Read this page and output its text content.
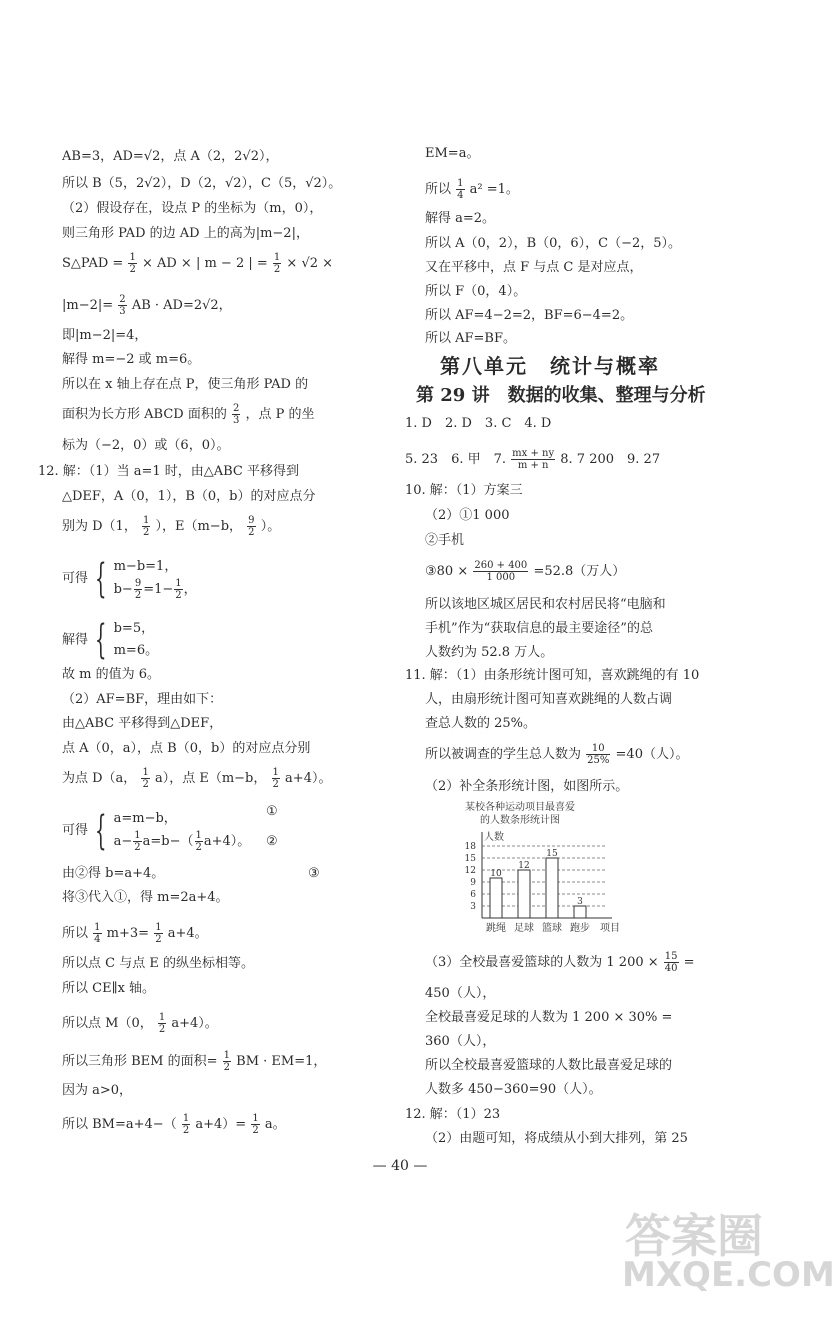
AB=3，AD=√2，点 A（2，2√2），
所以 B（5，2√2），D（2，√2），C（5，√2）。
（2）假设存在，设点 P 的坐标为（m，0），
则三角形 PAD 的边 AD 上的高为|m−2|，
S△PAD = $\frac{1}{2}$ × AD × | m − 2 | = $\frac{1}{2} \times √2$ ×
$|m-2|= \frac{2}{3}$ AB · AD=2√2，
即|m−2|=4，
解得 m=−2 或 m=6。
所以在 x 轴上存在点 P，使三角形 PAD 的
面积为长方形 ABCD 面积的 $\frac{2}{3}$ ，点 P 的坐
标为（−2，0）或（6，0）。
12. 解：（1）当 a=1 时，由△ABC 平移得到
△DEF，A（0，1），B（0，b）的对应点分
别为 D（1， $\frac{1}{2}$ ），E（m−b， $\frac{9}{2}$ ）。
可得 { m−b=1，
$b- \frac{9}{2} =1- \frac{1}{2}$ ，
解得 { b=5，
m=6。
故 m 的值为 6。
（2）AF=BF，理由如下：
由△ABC 平移得到△DEF，
点 A（0，a），点 B（0，b）的对应点分别
为点 D（a， $\frac{1}{2} a$），点 E（m−b， $\frac{1}{2} a+4$）。
可得 { a=m−b，
$a- \frac{1}{2} a=b-( \frac{1}{2} a+4)$。
①
②
③
由②得 b=a+4。
将③代入①，得 m=2a+4。
所以 $\frac{1}{4} m+3= \frac{1}{2} a+4$。
所以点 C 与点 E 的纵坐标相等。
所以 CE∥x 轴。
所以点 M（0， $\frac{1}{2} a+4$）。
所以三角形 BEM 的面积= $\frac{1}{2}$ BM · EM=1，
因为 a>0，
所以 $BM=a+4-( \frac{1}{2} a+4)= \frac{1}{2}$ a。
EM=a。
所以 $\frac{1}{4} a^2 =1$。
解得 a=2。
所以 A（0，2），B（0，6），C（−2，5）。
又在平移中，点 F 与点 C 是对应点，
所以 F（0，4）。
所以 AF=4−2=2，BF=6−4=2。
所以 AF=BF。
第八单元　统计与概率
第 29 讲　数据的收集、整理与分析
1. D　2. D　3. C　4. D
5. 23　6. 甲　7. $\frac{mx + ny}{m + n} 8$. 7 200　9. 27
10. 解：（1）方案三
（2）①1 000
②手机
③80 × $\frac{260 + 400}{1 000} =52.8$（万人）
所以该地区城区居民和农村居民将“电脑和
手机”作为“获取信息的最主要途径”的总
人数约为 52.8 万人。
11. 解：（1）由条形统计图可知，喜欢跳绳的有 10
人，由扇形统计图可知喜欢跳绳的人数占调
查总人数的 25%。
所以被调查的学生总人数为 $\frac{10}{25\%} =40$（人）。
（2）补全条形统计图，如图所示。
某校各种运动项目最喜爱
的人数条形统计图
3
6
9
12
15
18
人数
10
跳绳
12
足球
15
篮球
3
跑步 项目
（3）全校最喜爱篮球的人数为 1 $200 \times \frac{15}{40}$ =
450（人），
全校最喜爱足球的人数为 1 200 × 30% =
360（人），
所以全校最喜爱篮球的人数比最喜爱足球的
人数多 450−360=90（人）。
12. 解：（1）23
（2）由题可知，将成绩从小到大排列，第 25
— 40 —
答案圈
MXQE.COM
